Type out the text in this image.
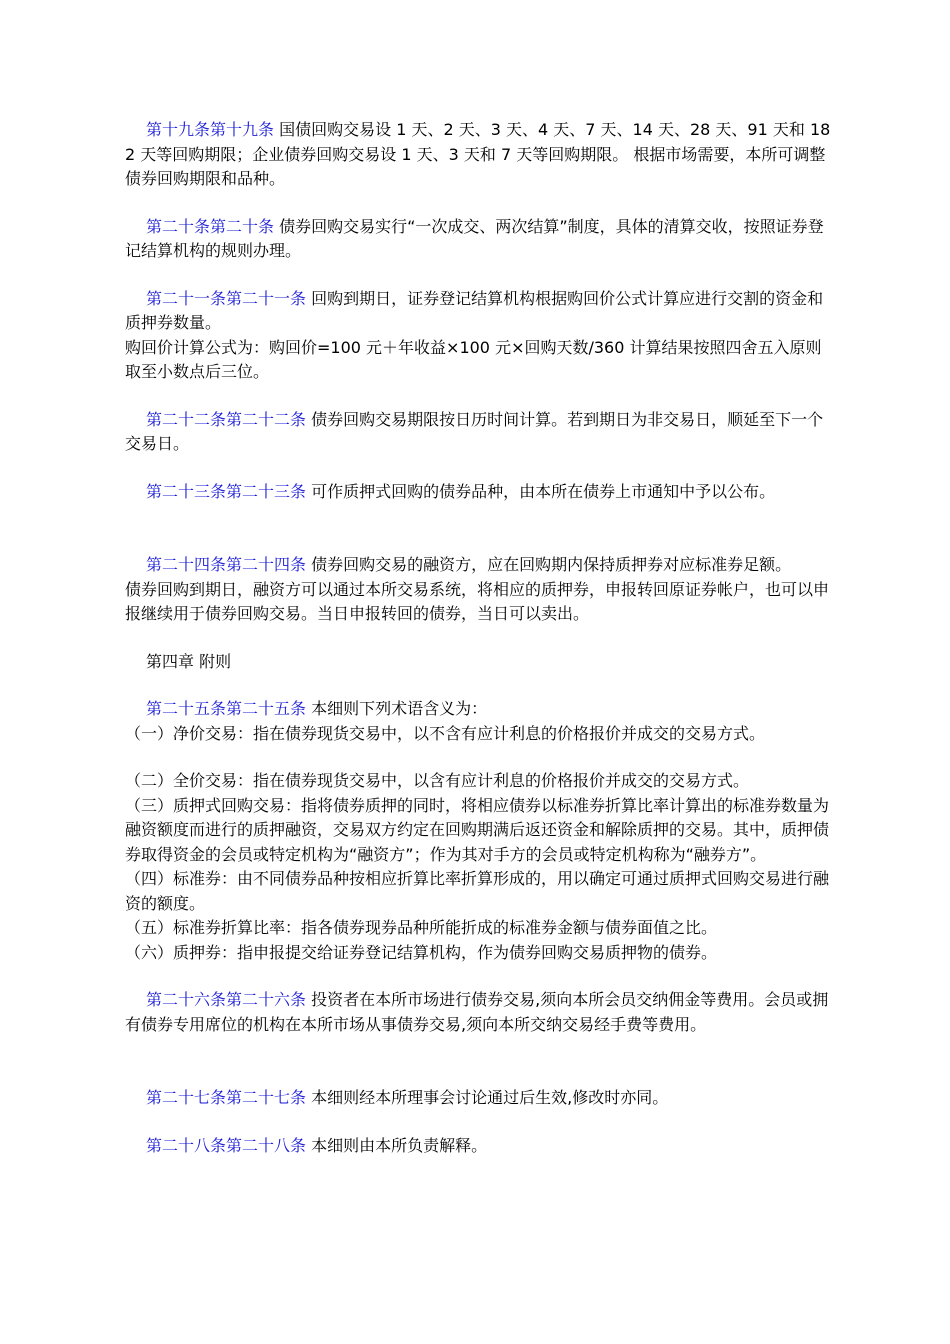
第十九条第十九条 国债回购交易设 1 天、2 天、3 天、4 天、7 天、14 天、28 天、91 天和 182 天等回购期限；企业债券回购交易设 1 天、3 天和 7 天等回购期限。 根据市场需要，本所可调整债券回购期限和品种。

第二十条第二十条 债券回购交易实行“一次成交、两次结算”制度，具体的清算交收，按照证券登记结算机构的规则办理。

第二十一条第二十一条 回购到期日，证券登记结算机构根据购回价公式计算应进行交割的资金和质押券数量。

购回价计算公式为：购回价=100 元＋年收益×100 元×回购天数/360 计算结果按照四舍五入原则取至小数点后三位。

第二十二条第二十二条 债券回购交易期限按日历时间计算。若到期日为非交易日，顺延至下一个交易日。

第二十三条第二十三条 可作质押式回购的债券品种，由本所在债券上市通知中予以公布。

第二十四条第二十四条 债券回购交易的融资方，应在回购期内保持质押券对应标准券足额。

债券回购到期日，融资方可以通过本所交易系统，将相应的质押券，申报转回原证券帐户，也可以申报继续用于债券回购交易。当日申报转回的债券，当日可以卖出。

第四章 附则

第二十五条第二十五条 本细则下列术语含义为：

（一）净价交易：指在债券现货交易中，以不含有应计利息的价格报价并成交的交易方式。

（二）全价交易：指在债券现货交易中，以含有应计利息的价格报价并成交的交易方式。

（三）质押式回购交易：指将债券质押的同时，将相应债券以标准券折算比率计算出的标准券数量为融资额度而进行的质押融资，交易双方约定在回购期满后返还资金和解除质押的交易。其中，质押债券取得资金的会员或特定机构为“融资方”；作为其对手方的会员或特定机构称为“融券方”。

（四）标准券：由不同债券品种按相应折算比率折算形成的，用以确定可通过质押式回购交易进行融资的额度。

（五）标准券折算比率：指各债券现券品种所能折成的标准券金额与债券面值之比。

（六）质押券：指申报提交给证券登记结算机构，作为债券回购交易质押物的债券。

第二十六条第二十六条 投资者在本所市场进行债券交易,须向本所会员交纳佣金等费用。会员或拥有债券专用席位的机构在本所市场从事债券交易,须向本所交纳交易经手费等费用。

第二十七条第二十七条 本细则经本所理事会讨论通过后生效,修改时亦同。

第二十八条第二十八条 本细则由本所负责解释。
